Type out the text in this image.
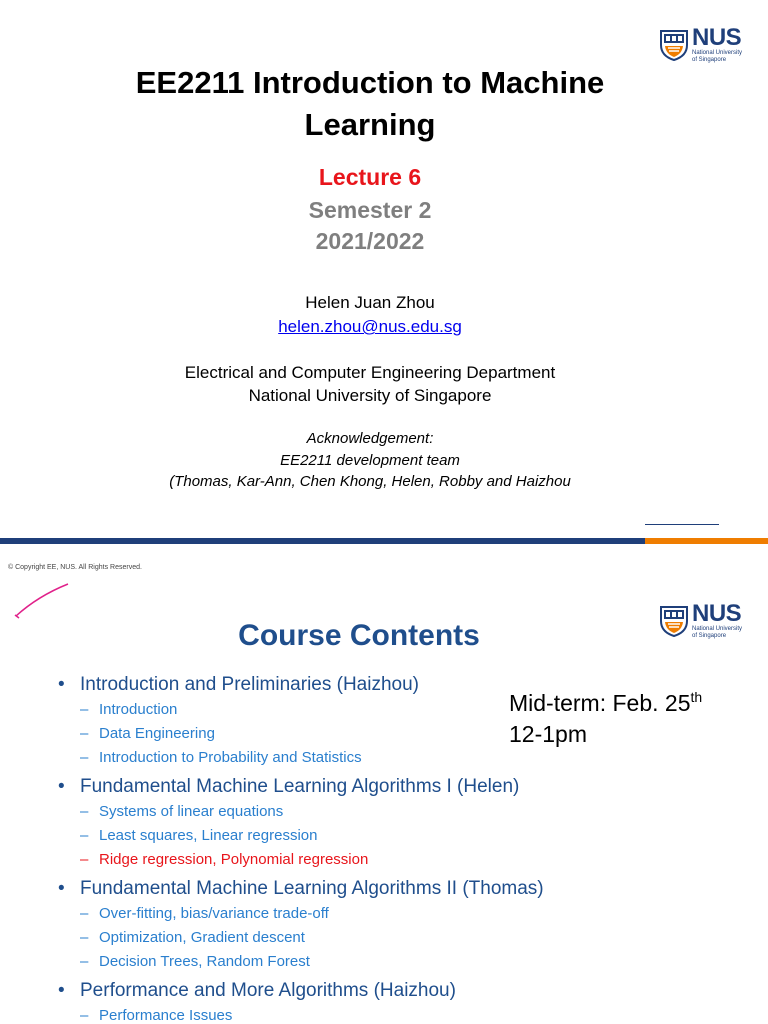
NUS
National University
of Singapore
EE2211 Introduction to Machine
Learning
Lecture 6
Semester 2
2021/2022
Helen Juan Zhou
helen.zhou@nus.edu.sg
Electrical and Computer Engineering Department
National University of Singapore
Acknowledgement:
EE2211 development team
(Thomas, Kar-Ann, Chen Khong, Helen, Robby and Haizhou
© Copyright EE, NUS. All Rights Reserved.
NUS
National University
of Singapore
Course Contents
Mid-term: Feb. 25th
12-1pm
• Introduction and Preliminaries (Haizhou)
– Introduction
– Data Engineering
– Introduction to Probability and Statistics
• Fundamental Machine Learning Algorithms I (Helen)
– Systems of linear equations
– Least squares, Linear regression
– Ridge regression, Polynomial regression
• Fundamental Machine Learning Algorithms II (Thomas)
– Over-fitting, bias/variance trade-off
– Optimization, Gradient descent
– Decision Trees, Random Forest
• Performance and More Algorithms (Haizhou)
– Performance Issues
